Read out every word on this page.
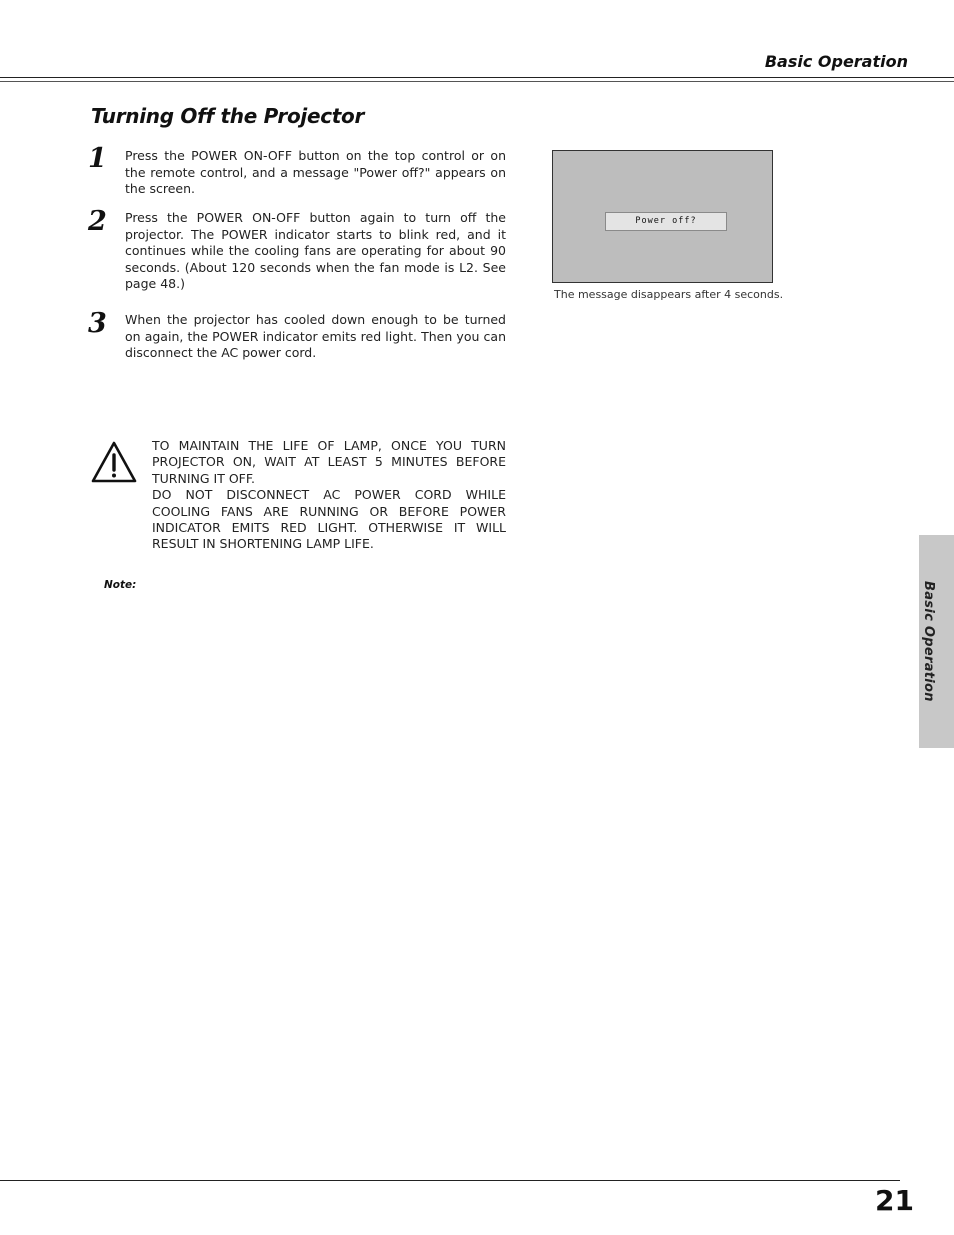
Basic Operation
Turning Off the Projector
1 Press the POWER ON-OFF button on the top control or on the remote control, and a message "Power off?" appears on the screen.
2 Press the POWER ON-OFF button again to turn off the projector. The POWER indicator starts to blink red, and it continues while the cooling fans are operating for about 90 seconds. (About 120 seconds when the fan mode is L2. See page 48.)
3 When the projector has cooled down enough to be turned on again, the POWER indicator emits red light. Then you can disconnect the AC power cord.
Power off?
The message disappears after 4 seconds.
TO MAINTAIN THE LIFE OF LAMP, ONCE YOU TURN PROJECTOR ON, WAIT AT LEAST 5 MINUTES BEFORE TURNING IT OFF.
DO NOT DISCONNECT AC POWER CORD WHILE COOLING FANS ARE RUNNING OR BEFORE POWER INDICATOR EMITS RED LIGHT. OTHERWISE IT WILL RESULT IN SHORTENING LAMP LIFE.
Note:	Basic Operation
21
